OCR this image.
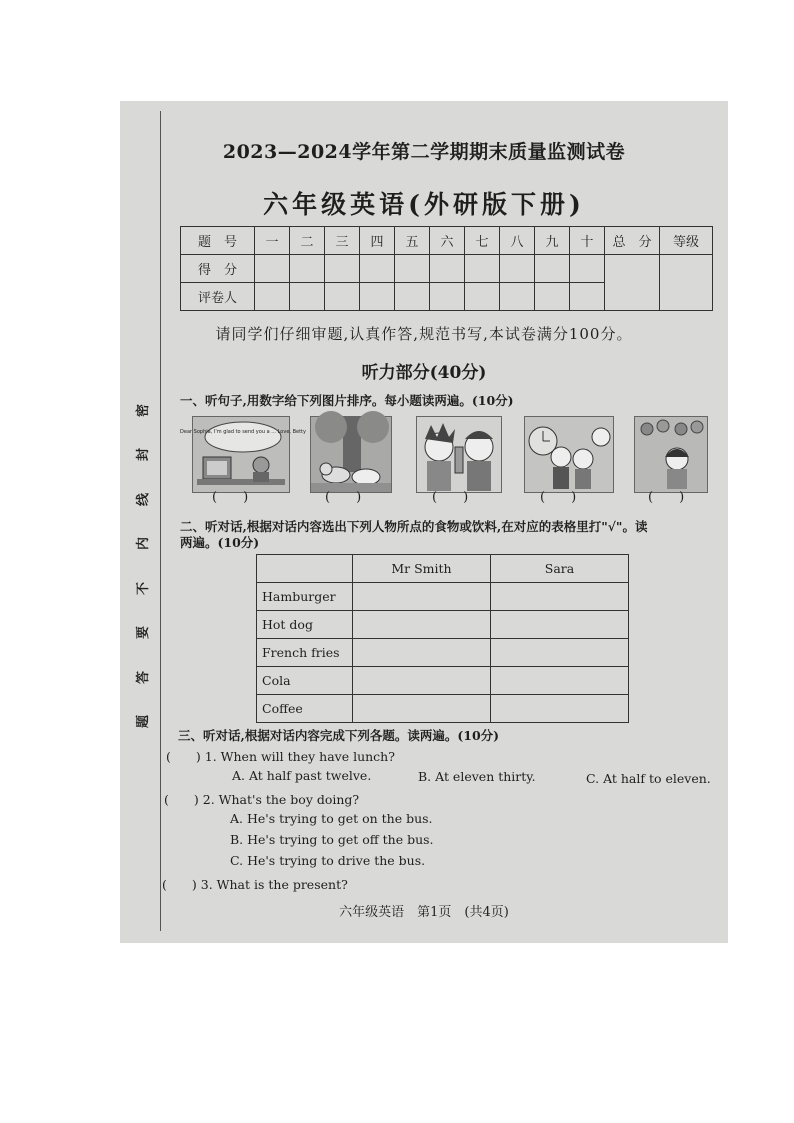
密
封
线
内
不
要
答
题
2023—2024学年第二学期期末质量监测试卷
六年级英语(外研版下册)
题　号	一	二	三	四	五	六	七	八	九	十	总　分	等级
得　分												
评卷人												
请同学们仔细审题,认真作答,规范书写,本试卷满分100分。
听力部分(40分)
一、听句子,用数字给下列图片排序。每小题读两遍。(10分)
Dear Sophia, I'm glad to send you a ... Love, Betty
(　　)	(　　)	(　　)	(　　)	(　　)
二、听对话,根据对话内容选出下列人物所点的食物或饮料,在对应的表格里打"√"。读
两遍。(10分)
	Mr Smith	Sara
Hamburger		
Hot dog		
French fries		
Cola		
Coffee		
三、听对话,根据对话内容完成下列各题。读两遍。(10分)
(　　) 1. When will they have lunch?
A. At half past twelve.	B. At eleven thirty.	C. At half to eleven.
(　　) 2. What's the boy doing?
A. He's trying to get on the bus.
B. He's trying to get off the bus.
C. He's trying to drive the bus.
(　　) 3. What is the present?
六年级英语　第1页　(共4页)
